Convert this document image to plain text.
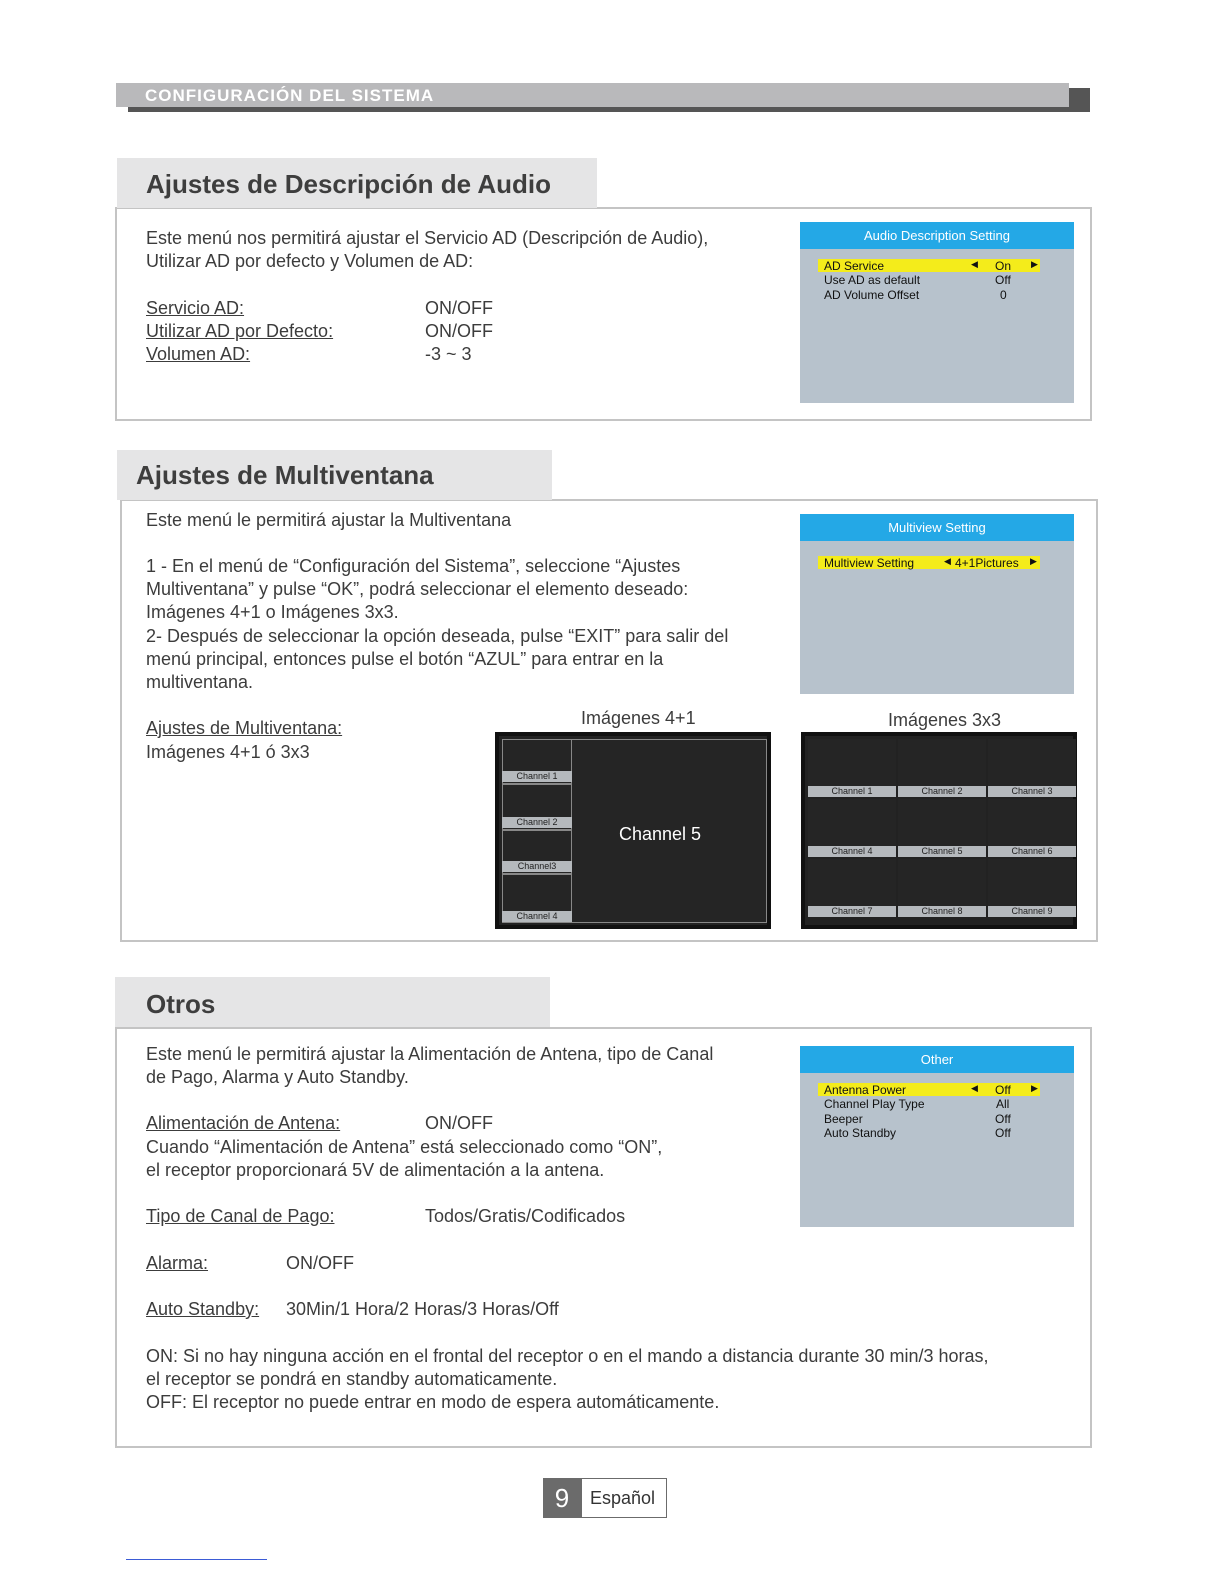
CONFIGURACIÓN DEL SISTEMA
Ajustes de Descripción de Audio
Este menú nos permitirá ajustar el Servicio AD (Descripción de Audio),
Utilizar AD por defecto y Volumen de AD:
Servicio AD:	ON/OFF
Utilizar AD por Defecto:	ON/OFF
Volumen AD:	-3 ~ 3
Audio Description Setting
◀	▶
AD Service	On
Use AD as default	Off
AD Volume Offset	0
Ajustes de Multiventana
Este menú le permitirá ajustar la Multiventana
1 - En el menú de “Configuración del Sistema”, seleccione “Ajustes
Multiventana” y pulse “OK”, podrá seleccionar el elemento deseado:
Imágenes 4+1 o Imágenes 3x3.
2- Después de seleccionar la opción deseada, pulse “EXIT” para salir del
menú principal, entonces pulse el botón “AZUL” para entrar en la
multiventana.
Ajustes de Multiventana:
Imágenes 4+1 ó 3x3
Multiview Setting
◀	▶
Multiview Setting	4+1Pictures
Imágenes 4+1
Channel 5
Channel 1
Channel 2
Channel3
Channel 4
Imágenes 3x3
Channel 1	Channel 2	Channel 3
Channel 4	Channel 5	Channel 6
Channel 7	Channel 8	Channel 9
Otros
Este menú le permitirá ajustar la Alimentación de Antena, tipo de Canal
de Pago, Alarma y Auto Standby.
Alimentación de Antena:	ON/OFF
Cuando “Alimentación de Antena” está seleccionado como “ON”,
el receptor proporcionará 5V de alimentación a la antena.
Tipo de Canal de Pago:	Todos/Gratis/Codificados
Alarma:	ON/OFF
Auto Standby: 30Min/1 Hora/2 Horas/3 Horas/Off
ON: Si no hay ninguna acción en el frontal del receptor o en el mando a distancia durante 30 min/3 horas,
el receptor se pondrá en standby automaticamente.
OFF: El receptor no puede entrar en modo de espera automáticamente.
Other
◀	▶
Antenna Power	Off
Channel Play Type	All
Beeper	Off
Auto Standby	Off
9	Español
